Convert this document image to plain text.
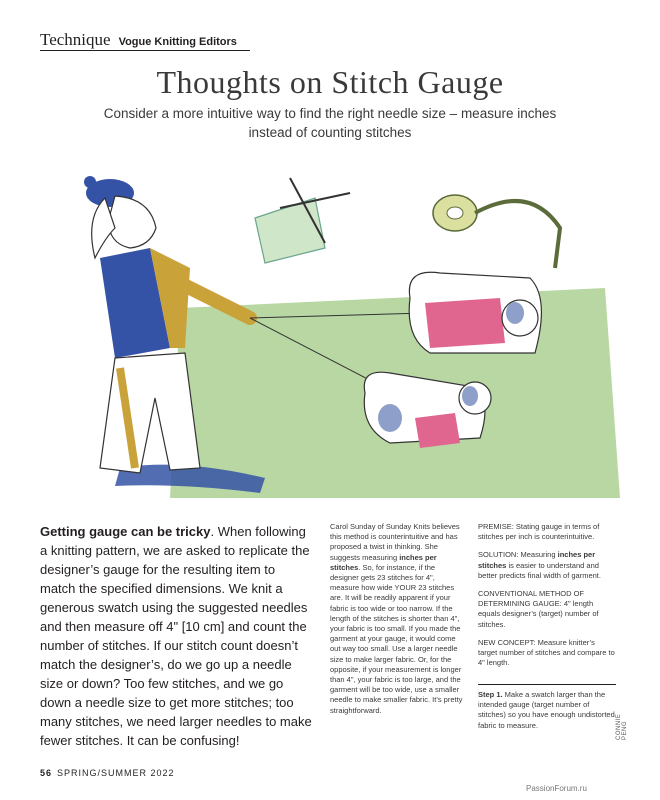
Technique Vogue Knitting Editors
Thoughts on Stitch Gauge
Consider a more intuitive way to find the right needle size – measure inches instead of counting stitches
Getting gauge can be tricky. When following a knitting pattern, we are asked to replicate the designer’s gauge for the resulting item to match the specified dimensions. We knit a generous swatch using the suggested needles and then measure off 4" [10 cm] and count the number of stitches. If our stitch count doesn’t match the designer’s, do we go up a needle size or down? Too few stitches, and we go down a needle size to get more stitches; too many stitches, we need larger needles to make fewer stitches. It can be confusing!

Carol Sunday of Sunday Knits believes this method is counterintuitive and has proposed a twist in thinking. She suggests measuring inches per stitches. So, for instance, if the designer gets 23 stitches for 4", measure how wide YOUR 23 stitches are. It will be readily apparent if your fabric is too wide or too narrow. If the length of the stitches is shorter than 4", your fabric is too small. If you made the garment at your gauge, it would come out way too small. Use a larger needle size to make larger fabric. Or, for the opposite, if your measurement is longer than 4", your fabric is too large, and the garment will be too wide, use a smaller needle to make smaller fabric. It’s pretty straightforward.

PREMISE: Stating gauge in terms of stitches per inch is counterintuitive.

SOLUTION: Measuring inches per stitches is easier to understand and better predicts final width of garment.

CONVENTIONAL METHOD OF DETERMINING GAUGE: 4" length equals designer’s (target) number of stitches.

NEW CONCEPT: Measure knitter’s target number of stitches and compare to 4" length.

Step 1. Make a swatch larger than the intended gauge (target number of stitches) so you have enough undistorted fabric to measure.	CONNIE PENG
56 SPRING/SUMMER 2022
PassionForum.ru
